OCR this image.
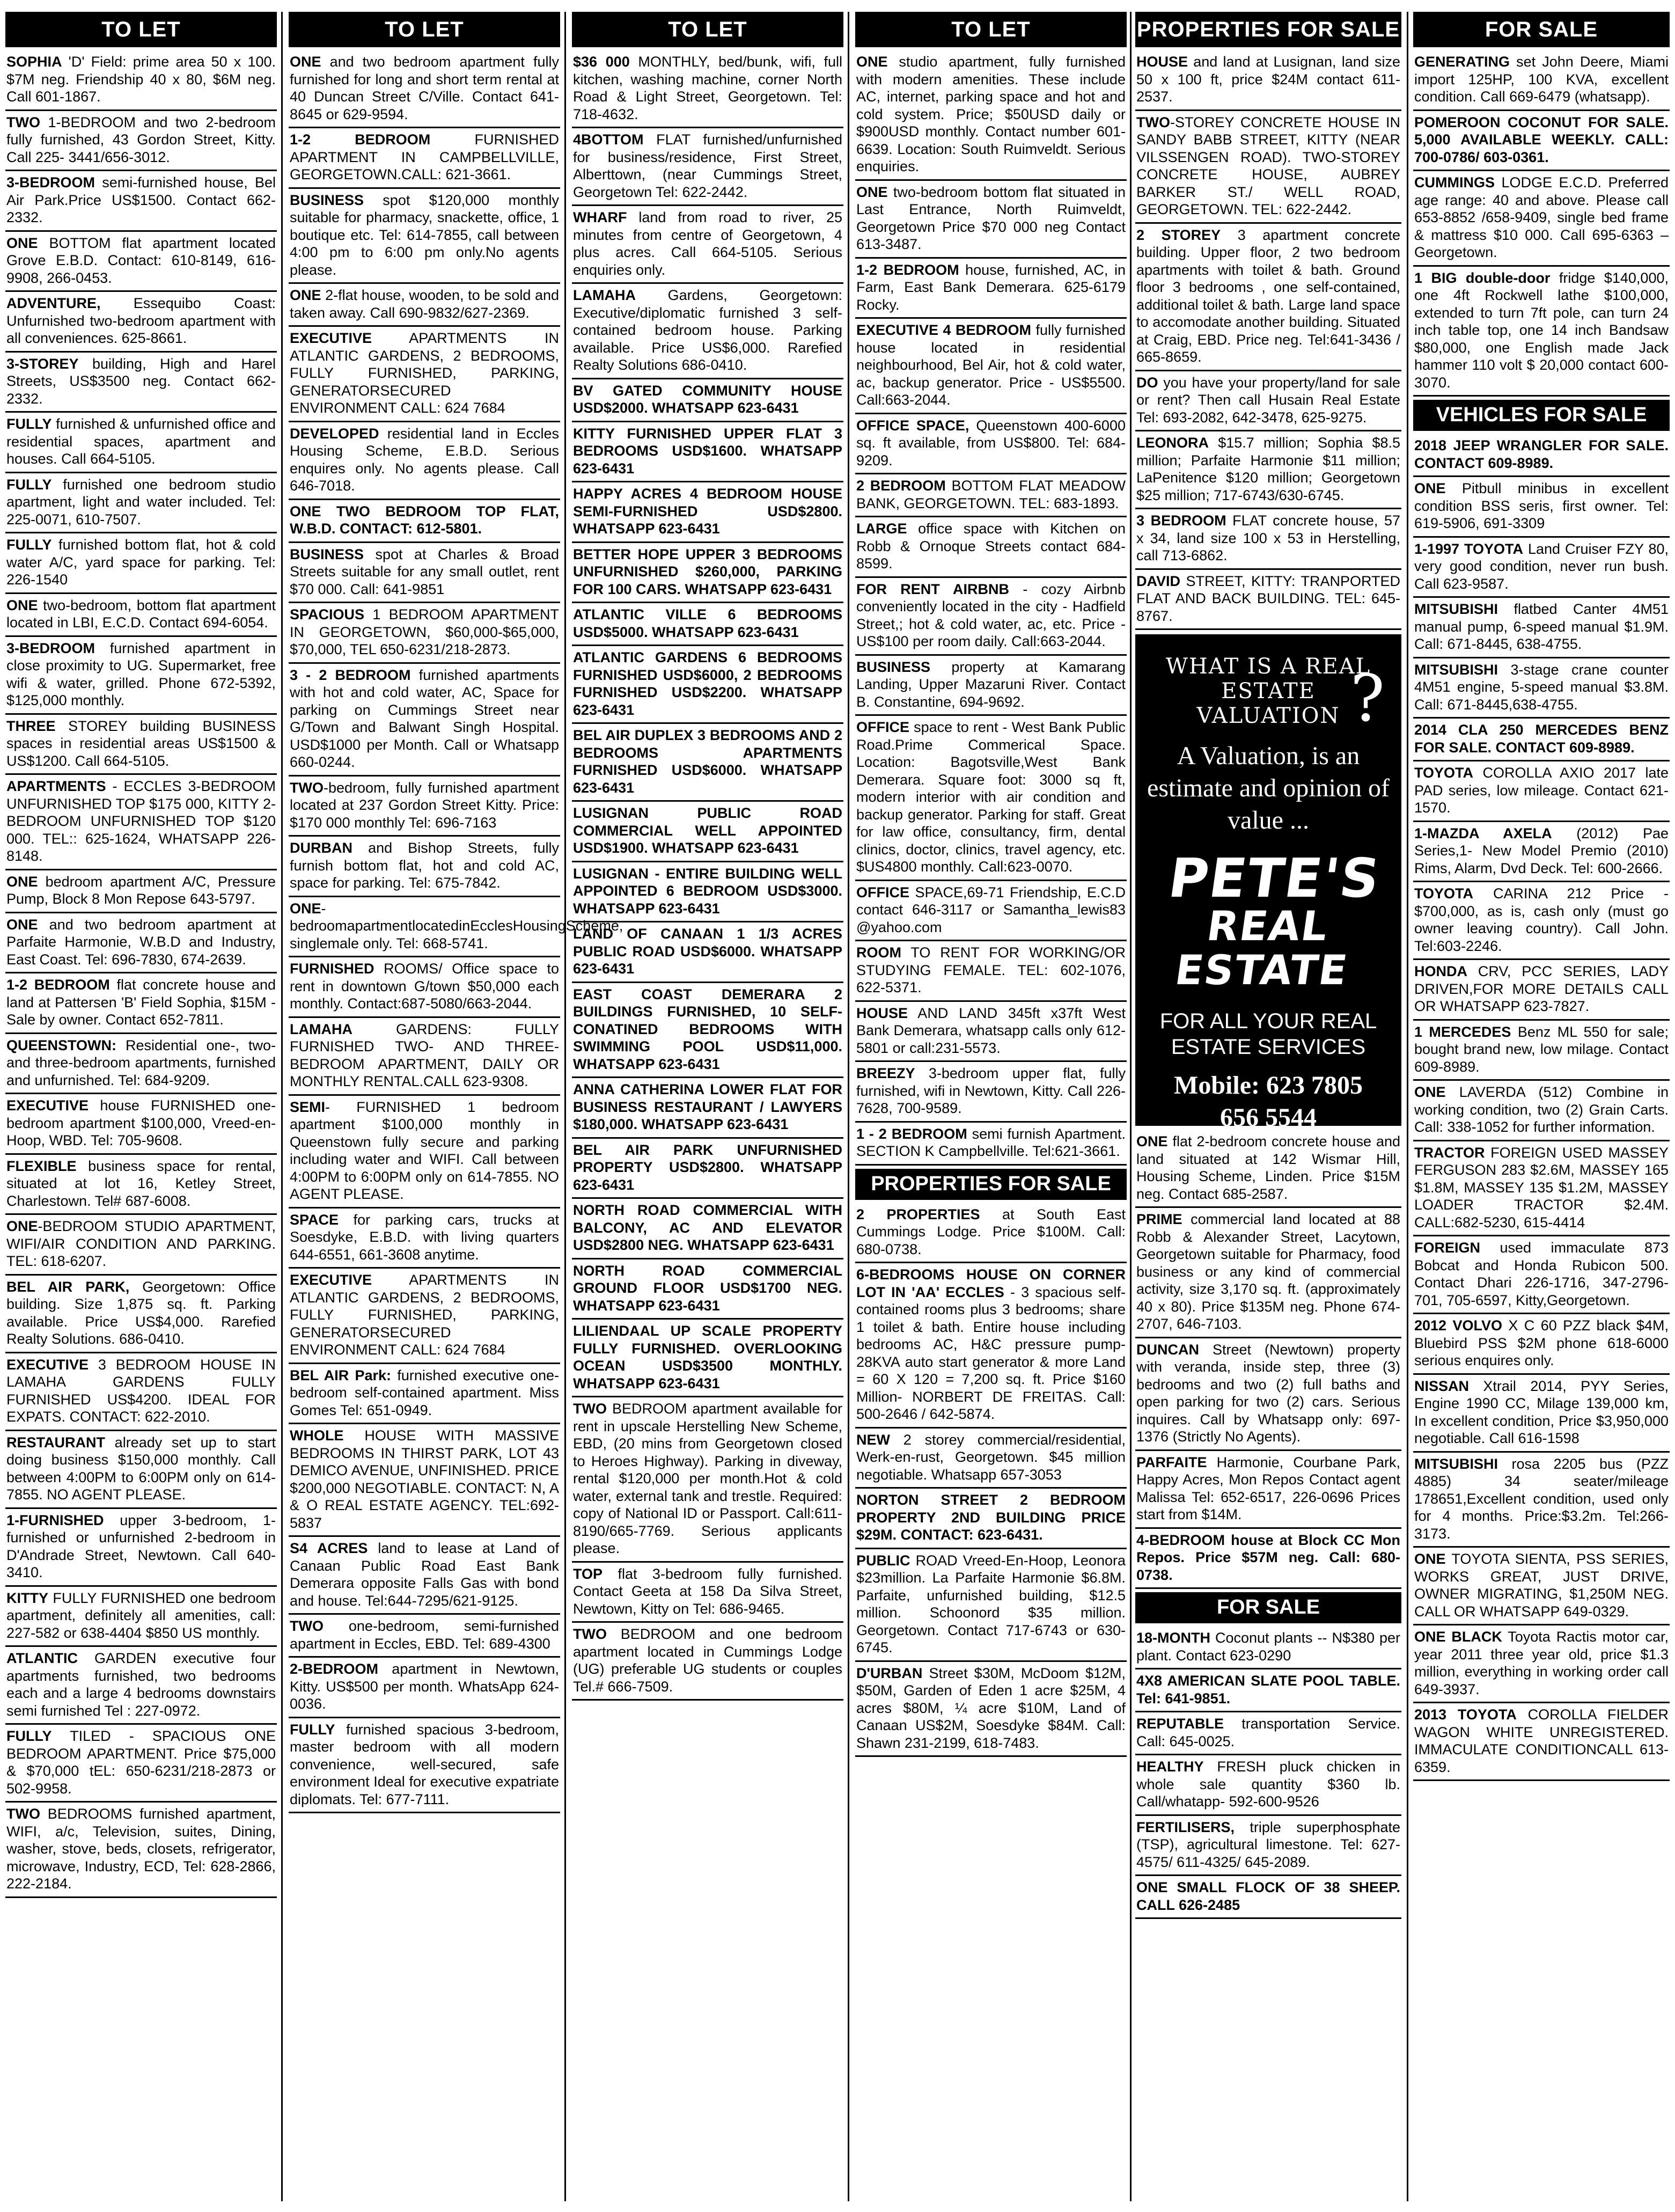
TO LET
SOPHIA 'D' Field: prime area 50 x 100. $7M neg. Friendship 40 x 80, $6M neg. Call 601-1867.
TWO 1-BEDROOM and two 2-bedroom fully furnished, 43 Gordon Street, Kitty. Call 225- 3441/656-3012.
3-BEDROOM semi-furnished house, Bel Air Park.Price US$1500. Contact 662-2332.
ONE BOTTOM flat apartment located Grove E.B.D. Contact: 610-8149, 616-9908, 266-0453.
ADVENTURE, Essequibo Coast: Unfurnished two-bedroom apartment with all conveniences. 625-8661.
3-STOREY building, High and Harel Streets, US$3500 neg. Contact 662-2332.
FULLY furnished & unfurnished office and residential spaces, apartment and houses. Call 664-5105.
FULLY furnished one bedroom studio apartment, light and water included. Tel: 225-0071, 610-7507.
FULLY furnished bottom flat, hot & cold water A/C, yard space for parking. Tel: 226-1540
ONE two-bedroom, bottom flat apartment located in LBI, E.C.D. Contact 694-6054.
3-BEDROOM furnished apartment in close proximity to UG. Supermarket, free wifi & water, grilled. Phone 672-5392, $125,000 monthly.
THREE STOREY building BUSINESS spaces in residential areas US$1500 & US$1200. Call 664-5105.
APARTMENTS - ECCLES 3-BEDROOM UNFURNISHED TOP $175 000, KITTY 2-BEDROOM UNFURNISHED TOP $120 000. TEL:: 625-1624, WHATSAPP 226-8148.
ONE bedroom apartment A/C, Pressure Pump, Block 8 Mon Repose 643-5797.
ONE and two bedroom apartment at Parfaite Harmonie, W.B.D and Industry, East Coast. Tel: 696-7830, 674-2639.
1-2 BEDROOM flat concrete house and land at Pattersen 'B' Field Sophia, $15M - Sale by owner. Contact 652-7811.
QUEENSTOWN: Residential one-, two- and three-bedroom apartments, furnished and unfurnished. Tel: 684-9209.
EXECUTIVE house FURNISHED one-bedroom apartment $100,000, Vreed-en-Hoop, WBD. Tel: 705-9608.
FLEXIBLE business space for rental, situated at lot 16, Ketley Street, Charlestown. Tel# 687-6008.
ONE-BEDROOM STUDIO APARTMENT, WIFI/AIR CONDITION AND PARKING. TEL: 618-6207.
BEL AIR PARK, Georgetown: Office building. Size 1,875 sq. ft. Parking available. Price US$4,000. Rarefied Realty Solutions. 686-0410.
EXECUTIVE 3 BEDROOM HOUSE IN LAMAHA GARDENS FULLY FURNISHED US$4200. IDEAL FOR EXPATS. CONTACT: 622-2010.
RESTAURANT already set up to start doing business $150,000 monthly. Call between 4:00PM to 6:00PM only on 614-7855. NO AGENT PLEASE.
1-FURNISHED upper 3-bedroom, 1-furnished or unfurnished 2-bedroom in D'Andrade Street, Newtown. Call 640-3410.
KITTY FULLY FURNISHED one bedroom apartment, definitely all amenities, call: 227-582 or 638-4404 $850 US monthly.
ATLANTIC GARDEN executive four apartments furnished, two bedrooms each and a large 4 bedrooms downstairs semi furnished Tel : 227-0972.
FULLY TILED - SPACIOUS ONE BEDROOM APARTMENT. Price $75,000 & $70,000 tEL: 650-6231/218-2873 or 502-9958.
TWO BEDROOMS furnished apartment, WIFI, a/c, Television, suites, Dining, washer, stove, beds, closets, refrigerator, microwave, Industry, ECD, Tel: 628-2866, 222-2184.
TO LET
ONE and two bedroom apartment fully furnished for long and short term rental at 40 Duncan Street C/Ville. Contact 641-8645 or 629-9594.
1-2 BEDROOM FURNISHED APARTMENT IN CAMPBELLVILLE, GEORGETOWN.CALL: 621-3661.
BUSINESS spot $120,000 monthly suitable for pharmacy, snackette, office, 1 boutique etc. Tel: 614-7855, call between 4:00 pm to 6:00 pm only.No agents please.
ONE 2-flat house, wooden, to be sold and taken away. Call 690-9832/627-2369.
EXECUTIVE APARTMENTS IN ATLANTIC GARDENS, 2 BEDROOMS, FULLY FURNISHED, PARKING, GENERATORSECURED ENVIRONMENT CALL: 624 7684
DEVELOPED residential land in Eccles Housing Scheme, E.B.D. Serious enquires only. No agents please. Call 646-7018.
ONE TWO BEDROOM TOP FLAT, W.B.D. CONTACT: 612-5801.
BUSINESS spot at Charles & Broad Streets suitable for any small outlet, rent $70 000. Call: 641-9851
SPACIOUS 1 BEDROOM APARTMENT IN GEORGETOWN, $60,000-$65,000, $70,000, TEL 650-6231/218-2873.
3 - 2 BEDROOM furnished apartments with hot and cold water, AC, Space for parking on Cummings Street near G/Town and Balwant Singh Hospital. USD$1000 per Month. Call or Whatsapp 660-0244.
TWO-bedroom, fully furnished apartment located at 237 Gordon Street Kitty. Price: $170 000 monthly Tel: 696-7163
DURBAN and Bishop Streets, fully furnish bottom flat, hot and cold AC, space for parking. Tel: 675-7842.
ONE-bedroomapartmentlocatedinEcclesHousingScheme, singlemale only. Tel: 668-5741.
FURNISHED ROOMS/ Office space to rent in downtown G/town $50,000 each monthly. Contact:687-5080/663-2044.
LAMAHA GARDENS: FULLY FURNISHED TWO- AND THREE-BEDROOM APARTMENT, DAILY OR MONTHLY RENTAL.CALL 623-9308.
SEMI- FURNISHED 1 bedroom apartment $100,000 monthly in Queenstown fully secure and parking including water and WIFI. Call between 4:00PM to 6:00PM only on 614-7855. NO AGENT PLEASE.
SPACE for parking cars, trucks at Soesdyke, E.B.D. with living quarters 644-6551, 661-3608 anytime.
EXECUTIVE APARTMENTS IN ATLANTIC GARDENS, 2 BEDROOMS, FULLY FURNISHED, PARKING, GENERATORSECURED ENVIRONMENT CALL: 624 7684
BEL AIR Park: furnished executive one-bedroom self-contained apartment. Miss Gomes Tel: 651-0949.
WHOLE HOUSE WITH MASSIVE BEDROOMS IN THIRST PARK, LOT 43 DEMICO AVENUE, UNFINISHED. PRICE $200,000 NEGOTIABLE. CONTACT: N, A & O REAL ESTATE AGENCY. TEL:692-5837
S4 ACRES land to lease at Land of Canaan Public Road East Bank Demerara opposite Falls Gas with bond and house. Tel:644-7295/621-9125.
TWO one-bedroom, semi-furnished apartment in Eccles, EBD. Tel: 689-4300
2-BEDROOM apartment in Newtown, Kitty. US$500 per month. WhatsApp 624-0036.
FULLY furnished spacious 3-bedroom, master bedroom with all modern convenience, well-secured, safe environment Ideal for executive expatriate diplomats. Tel: 677-7111.
TO LET
$36 000 MONTHLY, bed/bunk, wifi, full kitchen, washing machine, corner North Road & Light Street, Georgetown. Tel: 718-4632.
4BOTTOM FLAT furnished/unfurnished for business/residence, First Street, Alberttown, (near Cummings Street, Georgetown Tel: 622-2442.
WHARF land from road to river, 25 minutes from centre of Georgetown, 4 plus acres. Call 664-5105. Serious enquiries only.
LAMAHA Gardens, Georgetown: Executive/diplomatic furnished 3 self-contained bedroom house. Parking available. Price US$6,000. Rarefied Realty Solutions 686-0410.
BV GATED COMMUNITY HOUSE USD$2000. WHATSAPP 623-6431
KITTY FURNISHED UPPER FLAT 3 BEDROOMS USD$1600. WHATSAPP 623-6431
HAPPY ACRES 4 BEDROOM HOUSE SEMI-FURNISHED USD$2800. WHATSAPP 623-6431
BETTER HOPE UPPER 3 BEDROOMS UNFURNISHED $260,000, PARKING FOR 100 CARS. WHATSAPP 623-6431
ATLANTIC VILLE 6 BEDROOMS USD$5000. WHATSAPP 623-6431
ATLANTIC GARDENS 6 BEDROOMS FURNISHED USD$6000, 2 BEDROOMS FURNISHED USD$2200. WHATSAPP 623-6431
BEL AIR DUPLEX 3 BEDROOMS AND 2 BEDROOMS APARTMENTS FURNISHED USD$6000. WHATSAPP 623-6431
LUSIGNAN PUBLIC ROAD COMMERCIAL WELL APPOINTED USD$1900. WHATSAPP 623-6431
LUSIGNAN - ENTIRE BUILDING WELL APPOINTED 6 BEDROOM USD$3000. WHATSAPP 623-6431
LAND OF CANAAN 1 1/3 ACRES PUBLIC ROAD USD$6000. WHATSAPP 623-6431
EAST COAST DEMERARA 2 BUILDINGS FURNISHED, 10 SELF-CONATINED BEDROOMS WITH SWIMMING POOL USD$11,000. WHATSAPP 623-6431
ANNA CATHERINA LOWER FLAT FOR BUSINESS RESTAURANT / LAWYERS $180,000. WHATSAPP 623-6431
BEL AIR PARK UNFURNISHED PROPERTY USD$2800. WHATSAPP 623-6431
NORTH ROAD COMMERCIAL WITH BALCONY, AC AND ELEVATOR USD$2800 NEG. WHATSAPP 623-6431
NORTH ROAD COMMERCIAL GROUND FLOOR USD$1700 NEG. WHATSAPP 623-6431
LILIENDAAL UP SCALE PROPERTY FULLY FURNISHED. OVERLOOKING OCEAN USD$3500 MONTHLY. WHATSAPP 623-6431
TWO BEDROOM apartment available for rent in upscale Herstelling New Scheme, EBD, (20 mins from Georgetown closed to Heroes Highway). Parking in diveway, rental $120,000 per month.Hot & cold water, external tank and trestle. Required: copy of National ID or Passport. Call:611-8190/665-7769. Serious applicants please.
TOP flat 3-bedroom fully furnished. Contact Geeta at 158 Da Silva Street, Newtown, Kitty on Tel: 686-9465.
TWO BEDROOM and one bedroom apartment located in Cummings Lodge (UG) preferable UG students or couples Tel.# 666-7509.
TO LET
ONE studio apartment, fully furnished with modern amenities. These include AC, internet, parking space and hot and cold system. Price; $50USD daily or $900USD monthly. Contact number 601-6639. Location: South Ruimveldt. Serious enquiries.
ONE two-bedroom bottom flat situated in Last Entrance, North Ruimveldt, Georgetown Price $70 000 neg Contact 613-3487.
1-2 BEDROOM house, furnished, AC, in Farm, East Bank Demerara. 625-6179 Rocky.
EXECUTIVE 4 BEDROOM fully furnished house located in residential neighbourhood, Bel Air, hot & cold water, ac, backup generator. Price - US$5500. Call:663-2044.
OFFICE SPACE, Queenstown 400-6000 sq. ft available, from US$800. Tel: 684-9209.
2 BEDROOM BOTTOM FLAT MEADOW BANK, GEORGETOWN. TEL: 683-1893.
LARGE office space with Kitchen on Robb & Ornoque Streets contact 684-8599.
FOR RENT AIRBNB - cozy Airbnb conveniently located in the city - Hadfield Street,; hot & cold water, ac, etc. Price - US$100 per room daily. Call:663-2044.
BUSINESS property at Kamarang Landing, Upper Mazaruni River. Contact B. Constantine, 694-9692.
OFFICE space to rent - West Bank Public Road.Prime Commerical Space. Location: Bagotsville,West Bank Demerara. Square foot: 3000 sq ft, modern interior with air condition and backup generator. Parking for staff. Great for law office, consultancy, firm, dental clinics, doctor, clinics, travel agency, etc. $US4800 monthly. Call:623-0070.
OFFICE SPACE,69-71 Friendship, E.C.D contact 646-3117 or Samantha_lewis83 @yahoo.com
ROOM TO RENT FOR WORKING/OR STUDYING FEMALE. TEL: 602-1076, 622-5371.
HOUSE AND LAND 345ft x37ft West Bank Demerara, whatsapp calls only 612-5801 or call:231-5573.
BREEZY 3-bedroom upper flat, fully furnished, wifi in Newtown, Kitty. Call 226-7628, 700-9589.
1 - 2 BEDROOM semi furnish Apartment. SECTION K Campbellville. Tel:621-3661.
PROPERTIES FOR SALE
2 PROPERTIES at South East Cummings Lodge. Price $100M. Call: 680-0738.
6-BEDROOMS HOUSE ON CORNER LOT IN 'AA' ECCLES - 3 spacious self-contained rooms plus 3 bedrooms; share 1 toilet & bath. Entire house including bedrooms AC, H&C pressure pump-28KVA auto start generator & more Land = 60 X 120 = 7,200 sq. ft. Price $160 Million- NORBERT DE FREITAS. Call: 500-2646 / 642-5874.
NEW 2 storey commercial/residential, Werk-en-rust, Georgetown. $45 million negotiable. Whatsapp 657-3053
NORTON STREET 2 BEDROOM PROPERTY 2ND BUILDING PRICE $29M. CONTACT: 623-6431.
PUBLIC ROAD Vreed-En-Hoop, Leonora $23million. La Parfaite Harmonie $6.8M. Parfaite, unfurnished building, $12.5 million. Schoonord $35 million. Georgetown. Contact 717-6743 or 630-6745.
D'URBAN Street $30M, McDoom $12M, $50M, Garden of Eden 1 acre $25M, 4 acres $80M, ¼ acre $10M, Land of Canaan US$2M, Soesdyke $84M. Call: Shawn 231-2199, 618-7483.
PROPERTIES FOR SALE
HOUSE and land at Lusignan, land size 50 x 100 ft, price $24M contact 611-2537.
TWO-STOREY CONCRETE HOUSE IN SANDY BABB STREET, KITTY (NEAR VILSSENGEN ROAD). TWO-STOREY CONCRETE HOUSE, AUBREY BARKER ST./ WELL ROAD, GEORGETOWN. TEL: 622-2442.
2 STOREY 3 apartment concrete building. Upper floor, 2 two bedroom apartments with toilet & bath. Ground floor 3 bedrooms , one self-contained, additional toilet & bath. Large land space to accomodate another building. Situated at Craig, EBD. Price neg. Tel:641-3436 / 665-8659.
DO you have your property/land for sale or rent? Then call Husain Real Estate Tel: 693-2082, 642-3478, 625-9275.
LEONORA $15.7 million; Sophia $8.5 million; Parfaite Harmonie $11 million; LaPenitence $120 million; Georgetown $25 million; 717-6743/630-6745.
3 BEDROOM FLAT concrete house, 57 x 34, land size 100 x 53 in Herstelling, call 713-6862.
DAVID STREET, KITTY: TRANPORTED FLAT AND BACK BUILDING. TEL: 645-8767.
WHAT IS A REAL ESTATE VALUATION ?
A Valuation, is an estimate and opinion of value ...
PETE'S
REAL ESTATE
FOR ALL YOUR REAL ESTATE SERVICES
Mobile: 623 7805
656 5544
ONE flat 2-bedroom concrete house and land situated at 142 Wismar Hill, Housing Scheme, Linden. Price $15M neg. Contact 685-2587.
PRIME commercial land located at 88 Robb & Alexander Street, Lacytown, Georgetown suitable for Pharmacy, food business or any kind of commercial activity, size 3,170 sq. ft. (approximately 40 x 80). Price $135M neg. Phone 674-2707, 646-7103.
DUNCAN Street (Newtown) property with veranda, inside step, three (3) bedrooms and two (2) full baths and open parking for two (2) cars. Serious inquires. Call by Whatsapp only: 697-1376 (Strictly No Agents).
PARFAITE Harmonie, Courbane Park, Happy Acres, Mon Repos Contact agent Malissa Tel: 652-6517, 226-0696 Prices start from $14M.
4-BEDROOM house at Block CC Mon Repos. Price $57M neg. Call: 680-0738.
FOR SALE
18-MONTH Coconut plants -- N$380 per plant. Contact 623-0290
4X8 AMERICAN SLATE POOL TABLE. Tel: 641-9851.
REPUTABLE transportation Service. Call: 645-0025.
HEALTHY FRESH pluck chicken in whole sale quantity $360 lb. Call/whatapp- 592-600-9526
FERTILISERS, triple superphosphate (TSP), agricultural limestone. Tel: 627-4575/ 611-4325/ 645-2089.
ONE SMALL FLOCK OF 38 SHEEP. CALL 626-2485
FOR SALE
GENERATING set John Deere, Miami import 125HP, 100 KVA, excellent condition. Call 669-6479 (whatsapp).
POMEROON COCONUT FOR SALE. 5,000 AVAILABLE WEEKLY. CALL: 700-0786/ 603-0361.
CUMMINGS LODGE E.C.D. Preferred age range: 40 and above. Please call 653-8852 /658-9409, single bed frame & mattress $10 000. Call 695-6363 – Georgetown.
1 BIG double-door fridge $140,000, one 4ft Rockwell lathe $100,000, extended to turn 7ft pole, can turn 24 inch table top, one 14 inch Bandsaw $80,000, one English made Jack hammer 110 volt $ 20,000 contact 600-3070.
VEHICLES FOR SALE
2018 JEEP WRANGLER FOR SALE. CONTACT 609-8989.
ONE Pitbull minibus in excellent condition BSS seris, first owner. Tel: 619-5906, 691-3309
1-1997 TOYOTA Land Cruiser FZY 80, very good condition, never run bush. Call 623-9587.
MITSUBISHI flatbed Canter 4M51 manual pump, 6-speed manual $1.9M. Call: 671-8445, 638-4755.
MITSUBISHI 3-stage crane counter 4M51 engine, 5-speed manual $3.8M. Call: 671-8445,638-4755.
2014 CLA 250 MERCEDES BENZ FOR SALE. CONTACT 609-8989.
TOYOTA COROLLA AXIO 2017 late PAD series, low mileage. Contact 621-1570.
1-MAZDA AXELA (2012) Pae Series,1- New Model Premio (2010) Rims, Alarm, Dvd Deck. Tel: 600-2666.
TOYOTA CARINA 212 Price - $700,000, as is, cash only (must go owner leaving country). Call John. Tel:603-2246.
HONDA CRV, PCC SERIES, LADY DRIVEN,FOR MORE DETAILS CALL OR WHATSAPP 623-7827.
1 MERCEDES Benz ML 550 for sale; bought brand new, low milage. Contact 609-8989.
ONE LAVERDA (512) Combine in working condition, two (2) Grain Carts. Call: 338-1052 for further information.
TRACTOR FOREIGN USED MASSEY FERGUSON 283 $2.6M, MASSEY 165 $1.8M, MASSEY 135 $1.2M, MASSEY LOADER TRACTOR $2.4M. CALL:682-5230, 615-4414
FOREIGN used immaculate 873 Bobcat and Honda Rubicon 500. Contact Dhari 226-1716, 347-2796-701, 705-6597, Kitty,Georgetown.
2012 VOLVO X C 60 PZZ black $4M, Bluebird PSS $2M phone 618-6000 serious enquires only.
NISSAN Xtrail 2014, PYY Series, Engine 1990 CC, Milage 139,000 km, In excellent condition, Price $3,950,000 negotiable. Call 616-1598
MITSUBISHI rosa 2205 bus (PZZ 4885) 34 seater/mileage 178651,Excellent condition, used only for 4 months. Price:$3.2m. Tel:266-3173.
ONE TOYOTA SIENTA, PSS SERIES, WORKS GREAT, JUST DRIVE, OWNER MIGRATING, $1,250M NEG. CALL OR WHATSAPP 649-0329.
ONE BLACK Toyota Ractis motor car, year 2011 three year old, price $1.3 million, everything in working order call 649-3937.
2013 TOYOTA COROLLA FIELDER WAGON WHITE UNREGISTERED. IMMACULATE CONDITIONCALL 613-6359.
